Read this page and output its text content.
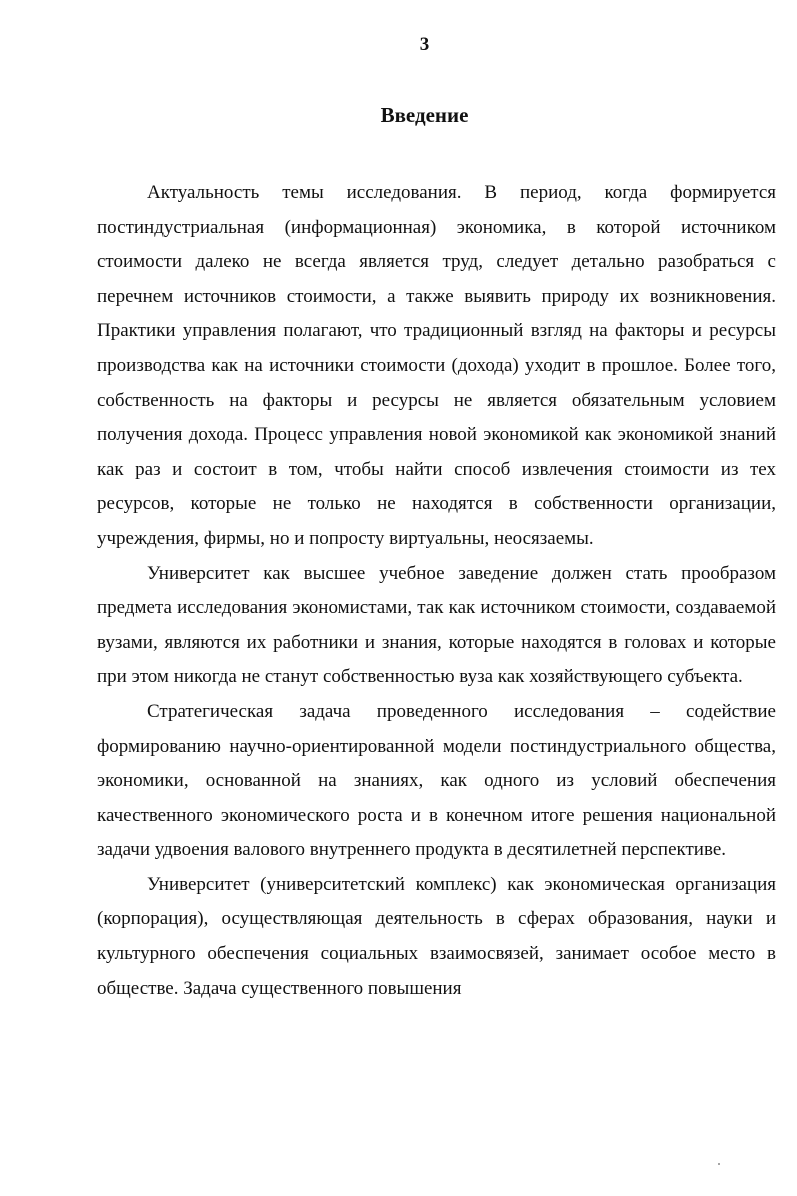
3
Введение

Актуальность темы исследования. В период, когда формируется постиндустриальная (информационная) экономика, в которой источником стоимости далеко не всегда является труд, следует детально разобраться с перечнем источников стоимости, а также выявить природу их возникновения. Практики управления полагают, что традиционный взгляд на факторы и ресурсы производства как на источники стоимости (дохода) уходит в прошлое. Более того, собственность на факторы и ресурсы не является обязательным условием получения дохода. Процесс управления новой экономикой как экономикой знаний как раз и состоит в том, чтобы найти способ извлечения стоимости из тех ресурсов, которые не только не находятся в собственности организации, учреждения, фирмы, но и попросту виртуальны, неосязаемы.

Университет как высшее учебное заведение должен стать прообразом предмета исследования экономистами, так как источником стоимости, создаваемой вузами, являются их работники и знания, которые находятся в головах и которые при этом никогда не станут собственностью вуза как хозяйствующего субъекта.

Стратегическая задача проведенного исследования – содействие формированию научно-ориентированной модели постиндустриального общества, экономики, основанной на знаниях, как одного из условий обеспечения качественного экономического роста и в конечном итоге решения национальной задачи удвоения валового внутреннего продукта в десятилетней перспективе.

Университет (университетский комплекс) как экономическая организация (корпорация), осуществляющая деятельность в сферах образования, науки и культурного обеспечения социальных взаимосвязей, занимает особое место в обществе. Задача существенного повышения
